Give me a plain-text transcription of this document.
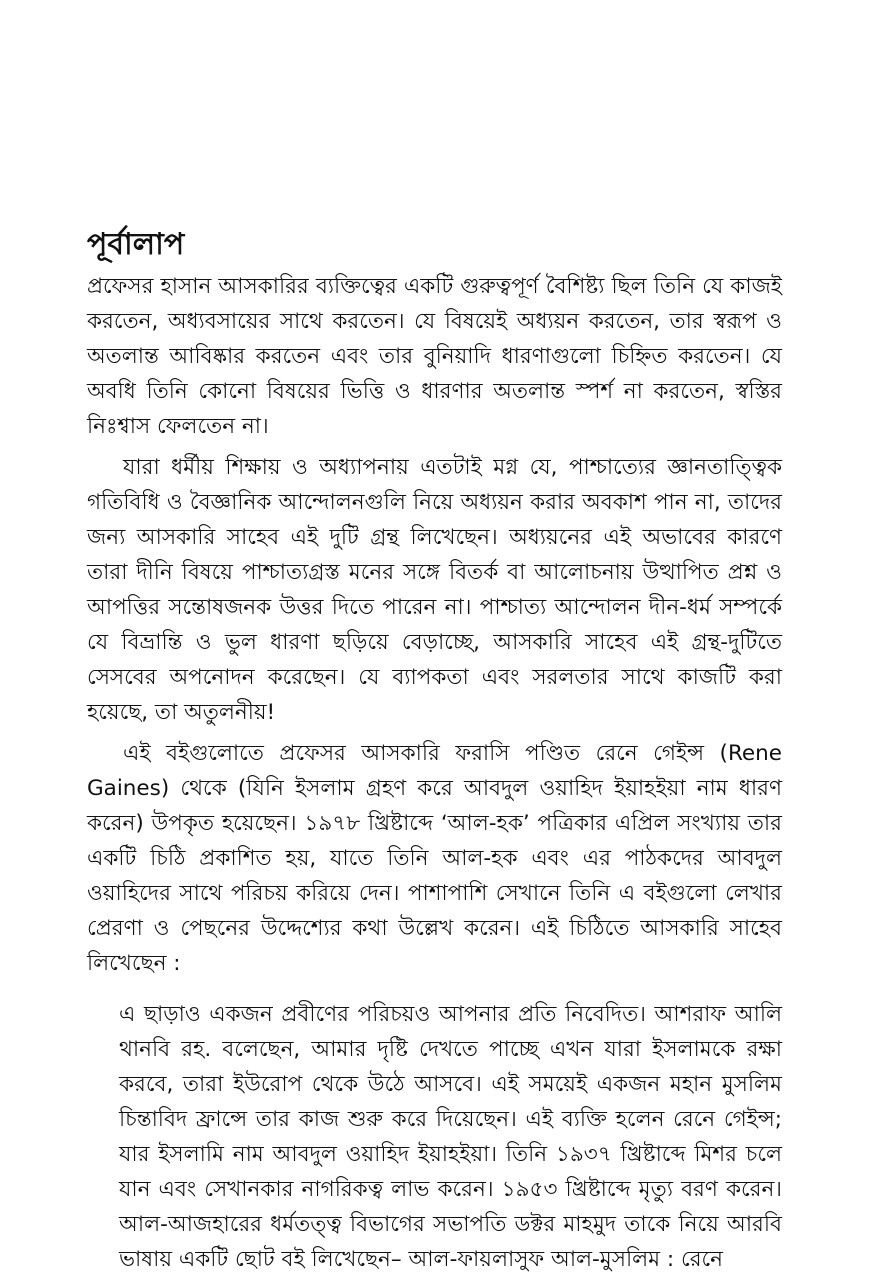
পূর্বালাপ

প্রফেসর হাসান আসকারির ব্যক্তিত্বের একটি গুরুত্বপূর্ণ বৈশিষ্ট্য ছিল তিনি যে কাজই করতেন, অধ্যবসায়ের সাথে করতেন। যে বিষয়েই অধ্যয়ন করতেন, তার স্বরূপ ও অতলান্ত আবিষ্কার করতেন এবং তার বুনিয়াদি ধারণাগুলো চিহ্নিত করতেন। যে অবধি তিনি কোনো বিষয়ের ভিত্তি ও ধারণার অতলান্ত স্পর্শ না করতেন, স্বস্তির নিঃশ্বাস ফেলতেন না।

যারা ধর্মীয় শিক্ষায় ও অধ্যাপনায় এতটাই মগ্ন যে, পাশ্চাত্যের জ্ঞানতাত্ত্বিক গতিবিধি ও বৈজ্ঞানিক আন্দোলনগুলি নিয়ে অধ্যয়ন করার অবকাশ পান না, তাদের জন্য আসকারি সাহেব এই দুটি গ্রন্থ লিখেছেন। অধ্যয়নের এই অভাবের কারণে তারা দীনি বিষয়ে পাশ্চাত্যগ্রস্ত মনের সঙ্গে বিতর্ক বা আলোচনায় উত্থাপিত প্রশ্ন ও আপত্তির সন্তোষজনক উত্তর দিতে পারেন না। পাশ্চাত্য আন্দোলন দীন-ধর্ম সম্পর্কে যে বিভ্রান্তি ও ভুল ধারণা ছড়িয়ে বেড়াচ্ছে, আসকারি সাহেব এই গ্রন্থ-দুটিতে সেসবের অপনোদন করেছেন। যে ব্যাপকতা এবং সরলতার সাথে কাজটি করা হয়েছে, তা অতুলনীয়!

এই বইগুলোতে প্রফেসর আসকারি ফরাসি পণ্ডিত রেনে গেইন্স (Rene Gaines) থেকে (যিনি ইসলাম গ্রহণ করে আবদুল ওয়াহিদ ইয়াহইয়া নাম ধারণ করেন) উপকৃত হয়েছেন। ১৯৭৮ খ্রিষ্টাব্দে ‘আল-হক’ পত্রিকার এপ্রিল সংখ্যায় তার একটি চিঠি প্রকাশিত হয়, যাতে তিনি আল-হক এবং এর পাঠকদের আবদুল ওয়াহিদের সাথে পরিচয় করিয়ে দেন। পাশাপাশি সেখানে তিনি এ বইগুলো লেখার প্রেরণা ও পেছনের উদ্দেশ্যের কথা উল্লেখ করেন। এই চিঠিতে আসকারি সাহেব লিখেছেন :

এ ছাড়াও একজন প্রবীণের পরিচয়ও আপনার প্রতি নিবেদিত। আশরাফ আলি থানবি রহ. বলেছেন, আমার দৃষ্টি দেখতে পাচ্ছে এখন যারা ইসলামকে রক্ষা করবে, তারা ইউরোপ থেকে উঠে আসবে। এই সময়েই একজন মহান মুসলিম চিন্তাবিদ ফ্রান্সে তার কাজ শুরু করে দিয়েছেন। এই ব্যক্তি হলেন রেনে গেইন্স; যার ইসলামি নাম আবদুল ওয়াহিদ ইয়াহইয়া। তিনি ১৯৩৭ খ্রিষ্টাব্দে মিশর চলে যান এবং সেখানকার নাগরিকত্ব লাভ করেন। ১৯৫৩ খ্রিষ্টাব্দে মৃত্যু বরণ করেন। আল-আজহারের ধর্মতত্ত্ব বিভাগের সভাপতি ডক্টর মাহমুদ তাকে নিয়ে আরবি ভাষায় একটি ছোট বই লিখেছেন– আল-ফায়লাসুফ আল-মুসলিম : রেনে
